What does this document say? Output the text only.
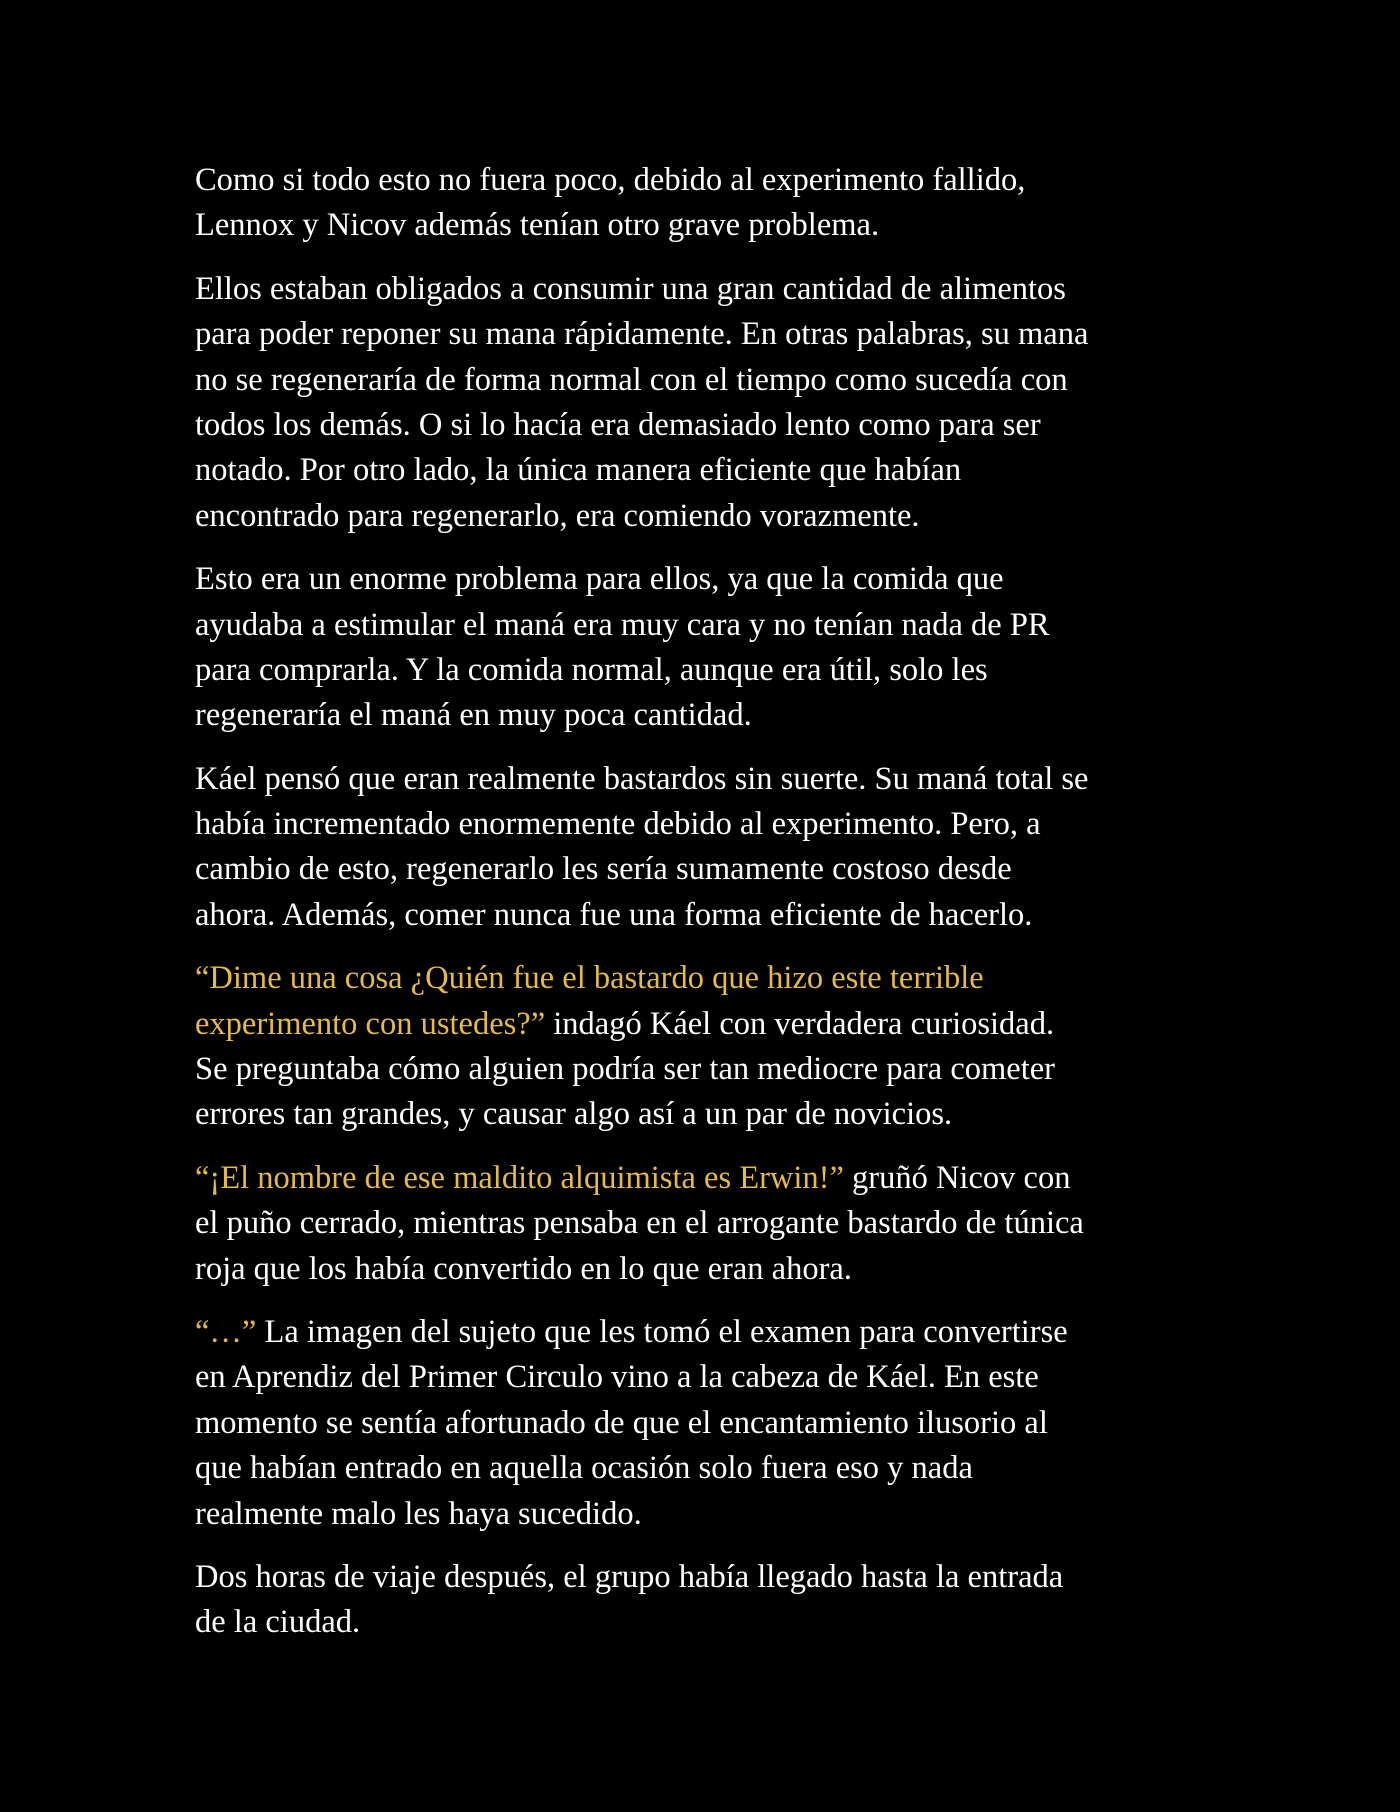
Como si todo esto no fuera poco, debido al experimento fallido,
Lennox y Nicov además tenían otro grave problema.

Ellos estaban obligados a consumir una gran cantidad de alimentos
para poder reponer su mana rápidamente. En otras palabras, su mana
no se regeneraría de forma normal con el tiempo como sucedía con
todos los demás. O si lo hacía era demasiado lento como para ser
notado. Por otro lado, la única manera eficiente que habían
encontrado para regenerarlo, era comiendo vorazmente.

Esto era un enorme problema para ellos, ya que la comida que
ayudaba a estimular el maná era muy cara y no tenían nada de PR
para comprarla. Y la comida normal, aunque era útil, solo les
regeneraría el maná en muy poca cantidad.

Káel pensó que eran realmente bastardos sin suerte. Su maná total se
había incrementado enormemente debido al experimento. Pero, a
cambio de esto, regenerarlo les sería sumamente costoso desde
ahora. Además, comer nunca fue una forma eficiente de hacerlo.

“Dime una cosa ¿Quién fue el bastardo que hizo este terrible
experimento con ustedes?” indagó Káel con verdadera curiosidad.
Se preguntaba cómo alguien podría ser tan mediocre para cometer
errores tan grandes, y causar algo así a un par de novicios.

“¡El nombre de ese maldito alquimista es Erwin!” gruñó Nicov con
el puño cerrado, mientras pensaba en el arrogante bastardo de túnica
roja que los había convertido en lo que eran ahora.

“…” La imagen del sujeto que les tomó el examen para convertirse
en Aprendiz del Primer Circulo vino a la cabeza de Káel. En este
momento se sentía afortunado de que el encantamiento ilusorio al
que habían entrado en aquella ocasión solo fuera eso y nada
realmente malo les haya sucedido.

Dos horas de viaje después, el grupo había llegado hasta la entrada
de la ciudad.
